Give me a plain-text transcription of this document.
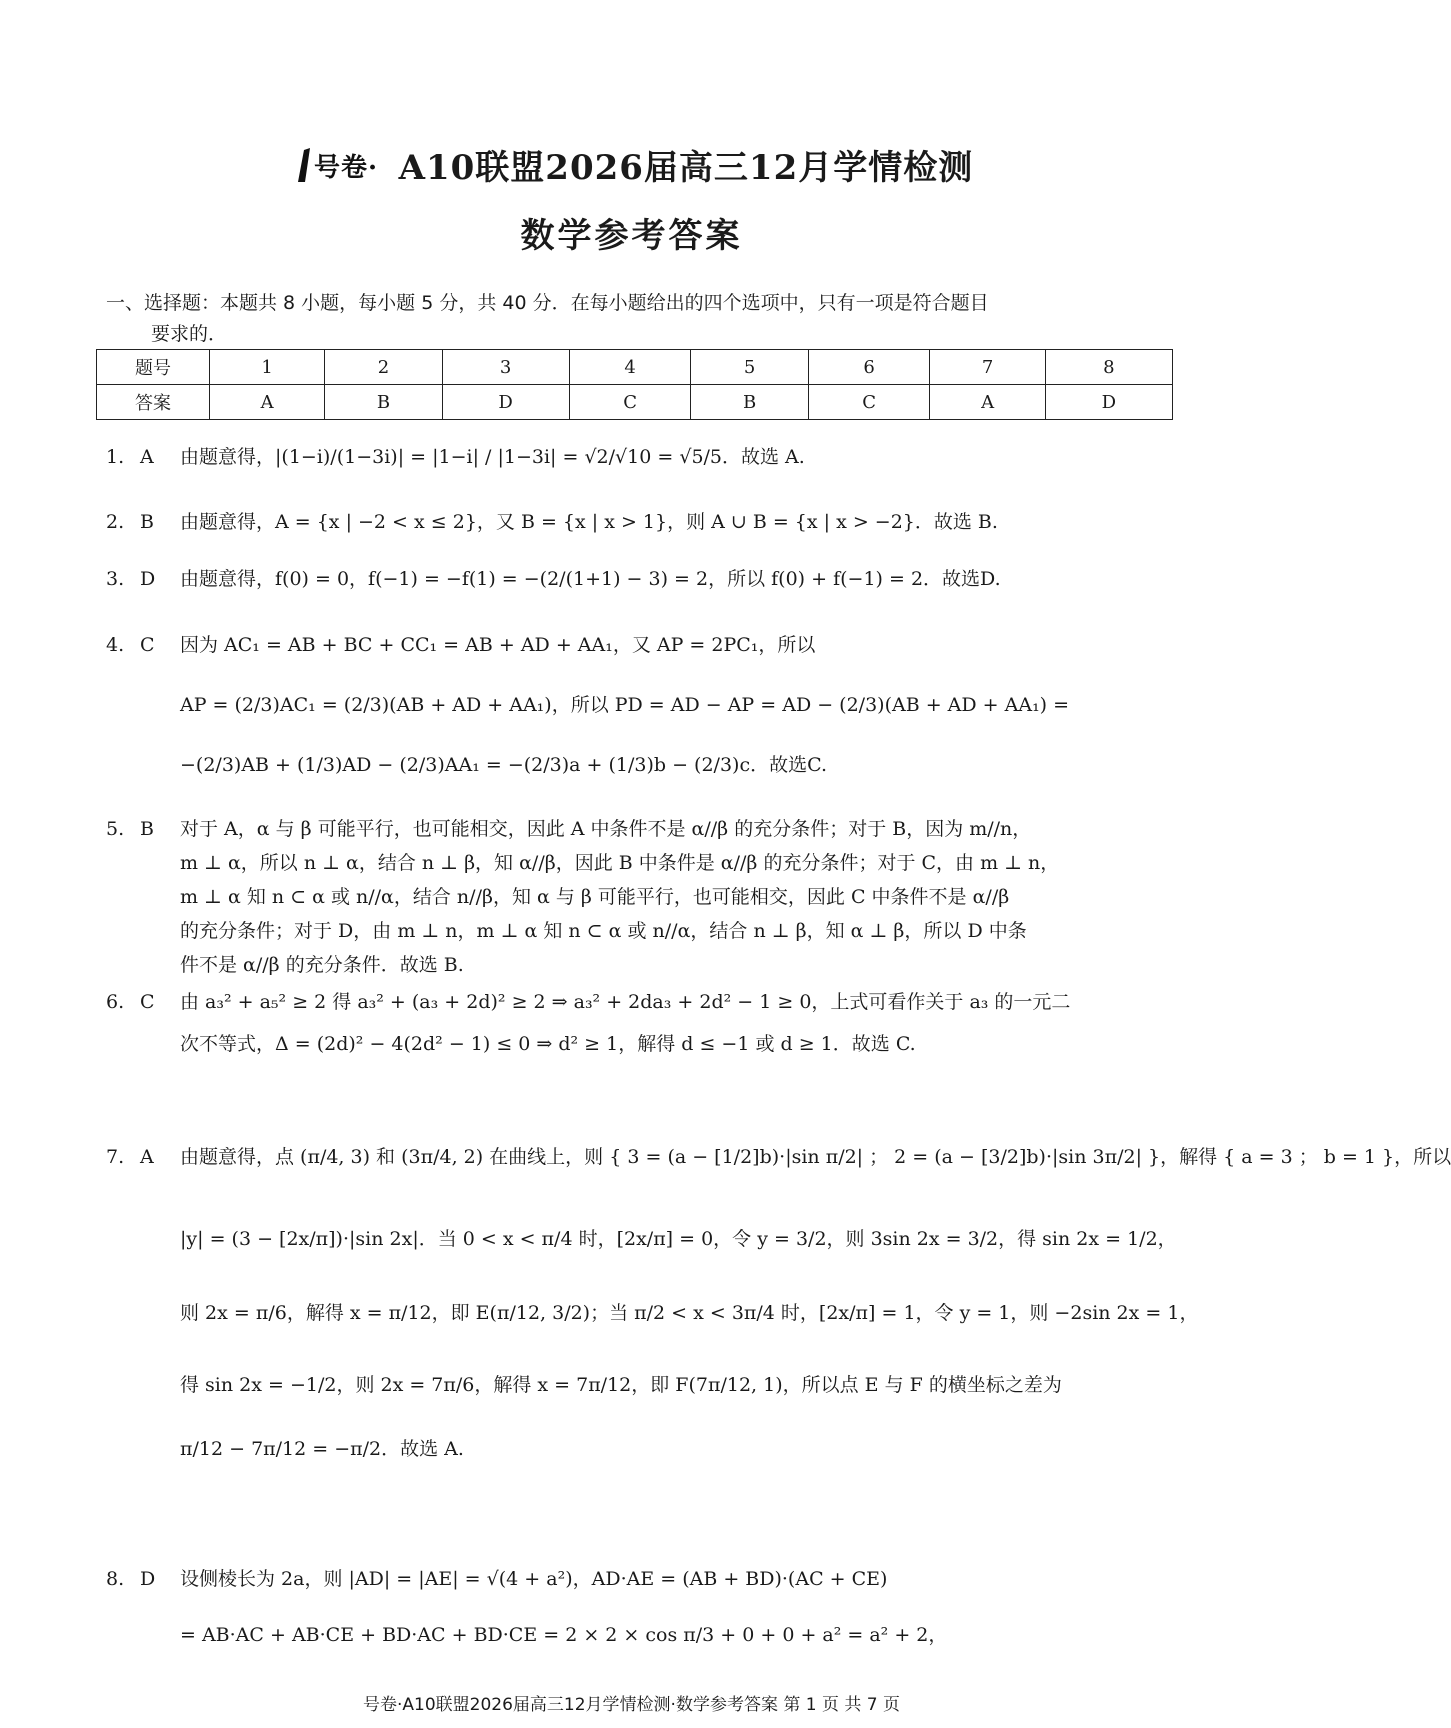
号卷· A10联盟2026届高三12月学情检测
数学参考答案
一、选择题：本题共 8 小题，每小题 5 分，共 40 分．在每小题给出的四个选项中，只有一项是符合题目
要求的．
题号	1	2	3	4	5	6	7	8
答案	A	B	D	C	B	C	A	D
1. A 由题意得，|(1−i)/(1−3i)| = |1−i| / |1−3i| = √2/√10 = √5/5．故选 A.
2. B 由题意得，A = {x | −2 < x ≤ 2}，又 B = {x | x > 1}，则 A ∪ B = {x | x > −2}．故选 B.
3. D 由题意得，f(0) = 0，f(−1) = −f(1) = −(2/(1+1) − 3) = 2，所以 f(0) + f(−1) = 2．故选D.
4. C 因为 AC₁ = AB + BC + CC₁ = AB + AD + AA₁，又 AP = 2PC₁，所以
AP = (2/3)AC₁ = (2/3)(AB + AD + AA₁)，所以 PD = AD − AP = AD − (2/3)(AB + AD + AA₁) =
−(2/3)AB + (1/3)AD − (2/3)AA₁ = −(2/3)a + (1/3)b − (2/3)c．故选C.
5. B 对于 A，α 与 β 可能平行，也可能相交，因此 A 中条件不是 α//β 的充分条件；对于 B，因为 m//n，
m ⊥ α，所以 n ⊥ α，结合 n ⊥ β，知 α//β，因此 B 中条件是 α//β 的充分条件；对于 C，由 m ⊥ n，
m ⊥ α 知 n ⊂ α 或 n//α，结合 n//β，知 α 与 β 可能平行，也可能相交，因此 C 中条件不是 α//β
的充分条件；对于 D，由 m ⊥ n，m ⊥ α 知 n ⊂ α 或 n//α，结合 n ⊥ β，知 α ⊥ β，所以 D 中条
件不是 α//β 的充分条件．故选 B.
6. C 由 a₃² + a₅² ≥ 2 得 a₃² + (a₃ + 2d)² ≥ 2 ⇒ a₃² + 2da₃ + 2d² − 1 ≥ 0，上式可看作关于 a₃ 的一元二
次不等式，Δ = (2d)² − 4(2d² − 1) ≤ 0 ⇒ d² ≥ 1，解得 d ≤ −1 或 d ≥ 1．故选 C.
7. A 由题意得，点 (π/4, 3) 和 (3π/4, 2) 在曲线上，则 { 3 = (a − [1/2]b)·|sin π/2| ； 2 = (a − [3/2]b)·|sin 3π/2| }，解得 { a = 3 ； b = 1 }，所以
|y| = (3 − [2x/π])·|sin 2x|．当 0 < x < π/4 时，[2x/π] = 0，令 y = 3/2，则 3sin 2x = 3/2，得 sin 2x = 1/2，
则 2x = π/6，解得 x = π/12，即 E(π/12, 3/2)；当 π/2 < x < 3π/4 时，[2x/π] = 1，令 y = 1，则 −2sin 2x = 1，
得 sin 2x = −1/2，则 2x = 7π/6，解得 x = 7π/12，即 F(7π/12, 1)，所以点 E 与 F 的横坐标之差为
π/12 − 7π/12 = −π/2．故选 A.
8. D 设侧棱长为 2a，则 |AD| = |AE| = √(4 + a²)，AD·AE = (AB + BD)·(AC + CE)
= AB·AC + AB·CE + BD·AC + BD·CE = 2 × 2 × cos π/3 + 0 + 0 + a² = a² + 2，
号卷·A10联盟2026届高三12月学情检测·数学参考答案 第 1 页 共 7 页
